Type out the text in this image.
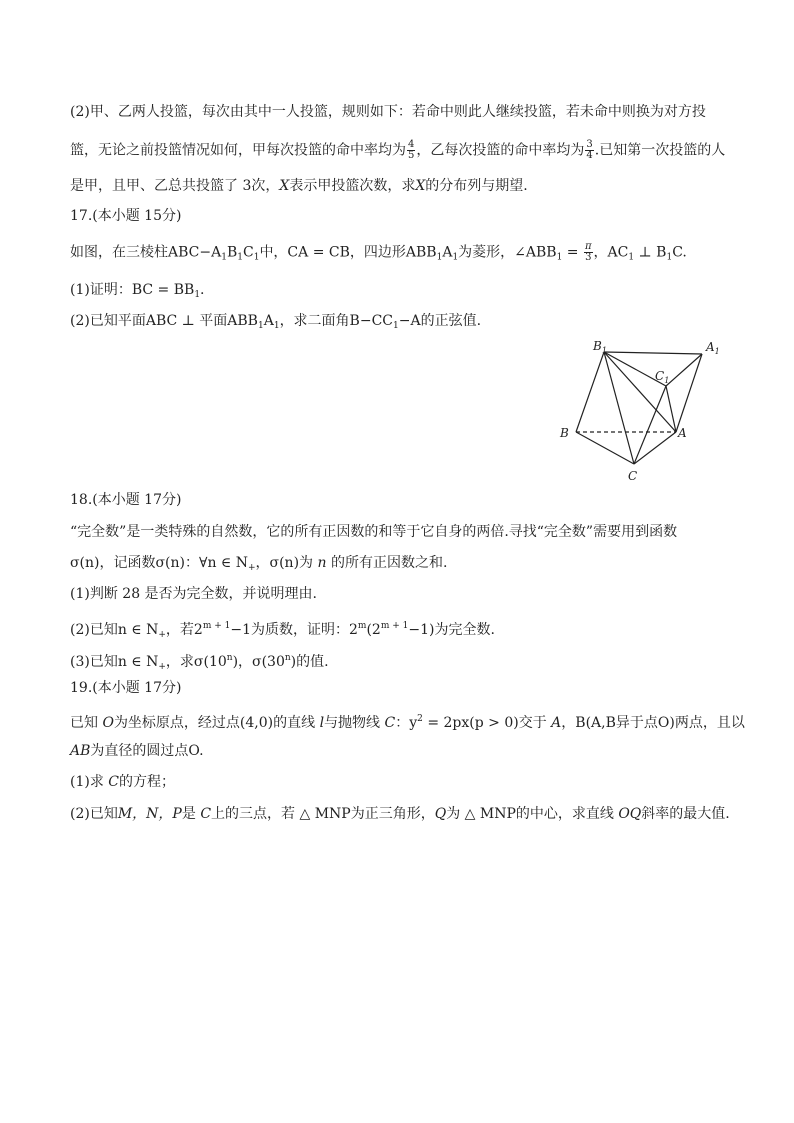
(2)甲、乙两人投篮，每次由其中一人投篮，规则如下：若命中则此人继续投篮，若未命中则换为对方投
篮，无论之前投篮情况如何，甲每次投篮的命中率均为 $\frac{4}{5}$ ，乙每次投篮的命中率均为 $\frac{3}{4}$ .已知第一次投篮的人
是甲，且甲、乙总共投篮了 3次，X表示甲投篮次数，求X的分布列与期望.
17.(本小题 15分)
如图，在三棱柱$ABC-A_1B_1C_1$中，CA = CB，四边形$ABB_1A_1$为菱形，$\angle ABB_1 = \frac{\pi}{3}$ ，$AC_1$ ⊥ $B_1C$.
(1)证明：BC = $BB_1$.
(2)已知平面ABC ⊥ 平面$ABB_1A_1$，求二面角$B-CC_1-A$的正弦值.
$B_1$	$A_1$
$C_1$
B	A
C
18.(本小题 17分)
“完全数”是一类特殊的自然数，它的所有正因数的和等于它自身的两倍.寻找“完全数”需要用到函数
σ(n)，记函数σ(n)：∀n ∈ $N_+$，σ(n)为 n 的所有正因数之和.
(1)判断 28 是否为完全数，并说明理由.
(2)已知n ∈ $N_+$，若$2^{m + 1}-1$为质数，证明：$2^m(2^{m + 1}-1)$为完全数.
(3)已知n ∈ $N_+$，求σ(10$^n$)，σ(30$^n$)的值.
19.(本小题 17分)
已知 O为坐标原点，经过点(4,0)的直线 l与抛物线 C：$y^2 = 2px(p > 0)$交于 A，B(A,B异于点O)两点，且以
AB为直径的圆过点O.
(1)求 C的方程；
(2)已知M，N，P是 C上的三点，若 △ MNP为正三角形，Q为 △ MNP的中心，求直线 OQ斜率的最大值.
